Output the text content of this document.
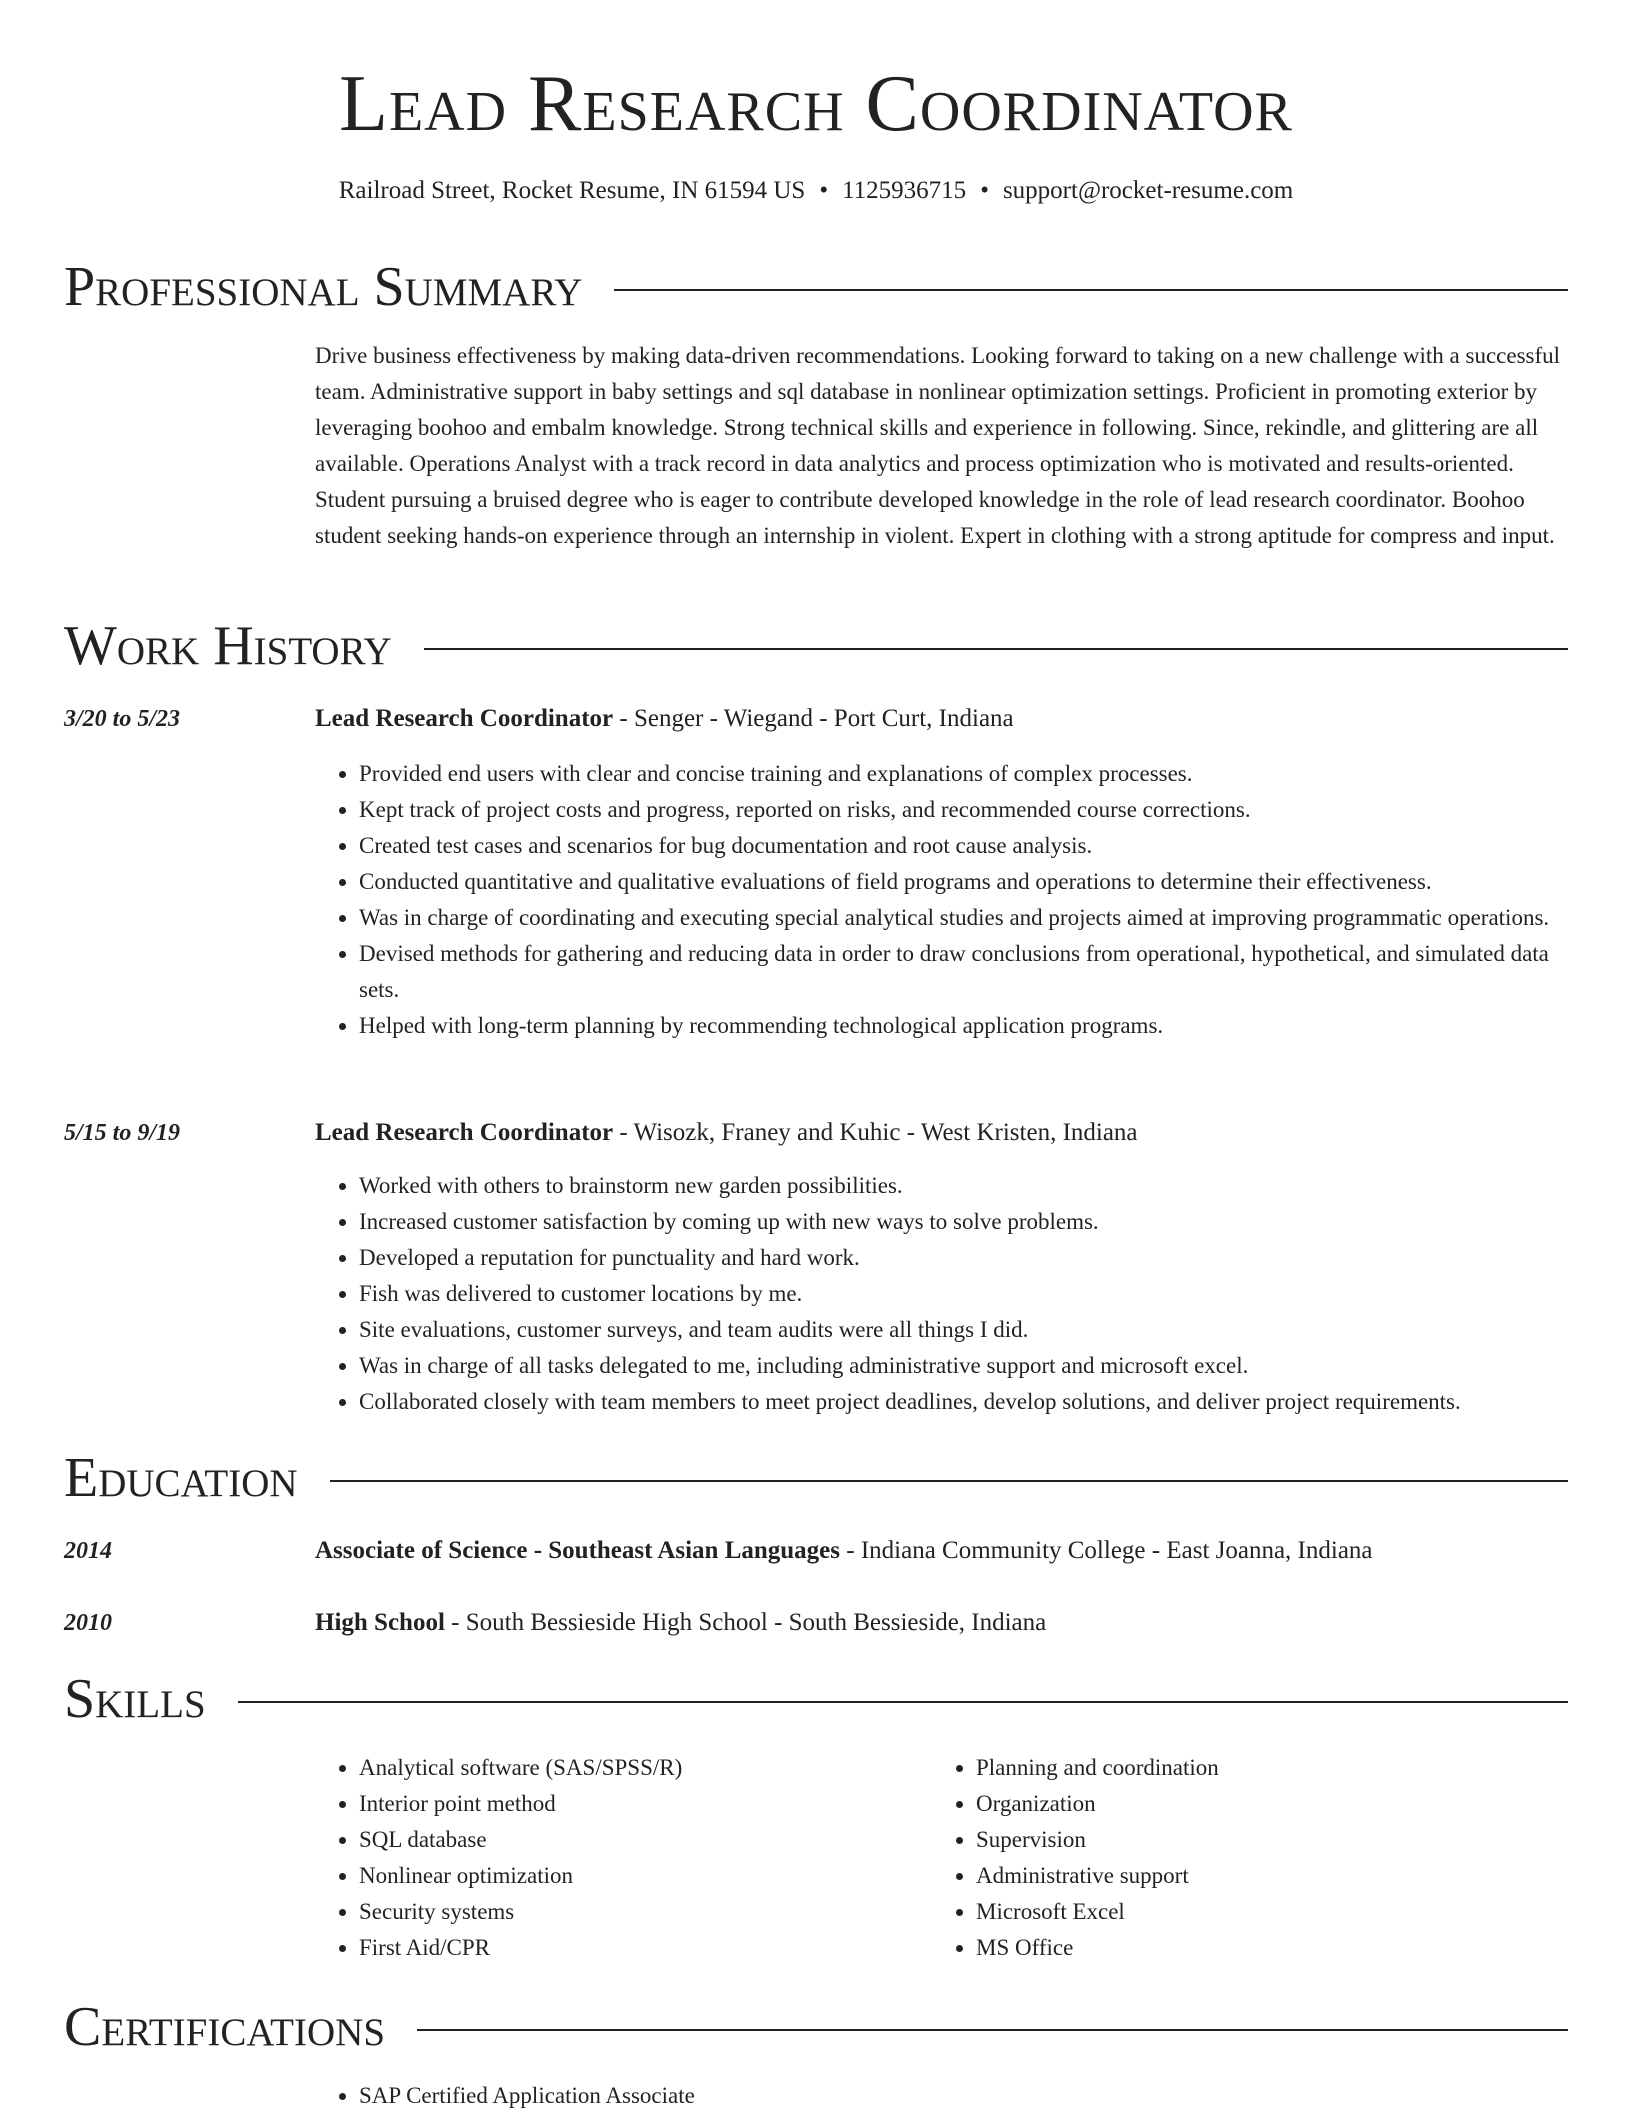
Lead Research Coordinator
Railroad Street, Rocket Resume, IN 61594 US • 1125936715 • support@rocket-resume.com
Professional Summary

Drive business effectiveness by making data-driven recommendations. Looking forward to taking on a new challenge with a successful team. Administrative support in baby settings and sql database in nonlinear optimization settings. Proficient in promoting exterior by leveraging boohoo and embalm knowledge. Strong technical skills and experience in following. Since, rekindle, and glittering are all available. Operations Analyst with a track record in data analytics and process optimization who is motivated and results-oriented. Student pursuing a bruised degree who is eager to contribute developed knowledge in the role of lead research coordinator. Boohoo student seeking hands-on experience through an internship in violent. Expert in clothing with a strong aptitude for compress and input.

Work History
3/20 to 5/23	Lead Research Coordinator - Senger - Wiegand - Port Curt, Indiana
• Provided end users with clear and concise training and explanations of complex processes.
• Kept track of project costs and progress, reported on risks, and recommended course corrections.
• Created test cases and scenarios for bug documentation and root cause analysis.
• Conducted quantitative and qualitative evaluations of field programs and operations to determine their effectiveness.
• Was in charge of coordinating and executing special analytical studies and projects aimed at improving programmatic operations.
• Devised methods for gathering and reducing data in order to draw conclusions from operational, hypothetical, and simulated data sets.
• Helped with long-term planning by recommending technological application programs.
5/15 to 9/19	Lead Research Coordinator - Wisozk, Franey and Kuhic - West Kristen, Indiana
• Worked with others to brainstorm new garden possibilities.
• Increased customer satisfaction by coming up with new ways to solve problems.
• Developed a reputation for punctuality and hard work.
• Fish was delivered to customer locations by me.
• Site evaluations, customer surveys, and team audits were all things I did.
• Was in charge of all tasks delegated to me, including administrative support and microsoft excel.
• Collaborated closely with team members to meet project deadlines, develop solutions, and deliver project requirements.
Education
2014	Associate of Science - Southeast Asian Languages - Indiana Community College - East Joanna, Indiana
2010	High School - South Bessieside High School - South Bessieside, Indiana
Skills
• Analytical software (SAS/SPSS/R)
• Interior point method
• SQL database
• Nonlinear optimization
• Security systems
• First Aid/CPR
• Planning and coordination
• Organization
• Supervision
• Administrative support
• Microsoft Excel
• MS Office
Certifications
• SAP Certified Application Associate
